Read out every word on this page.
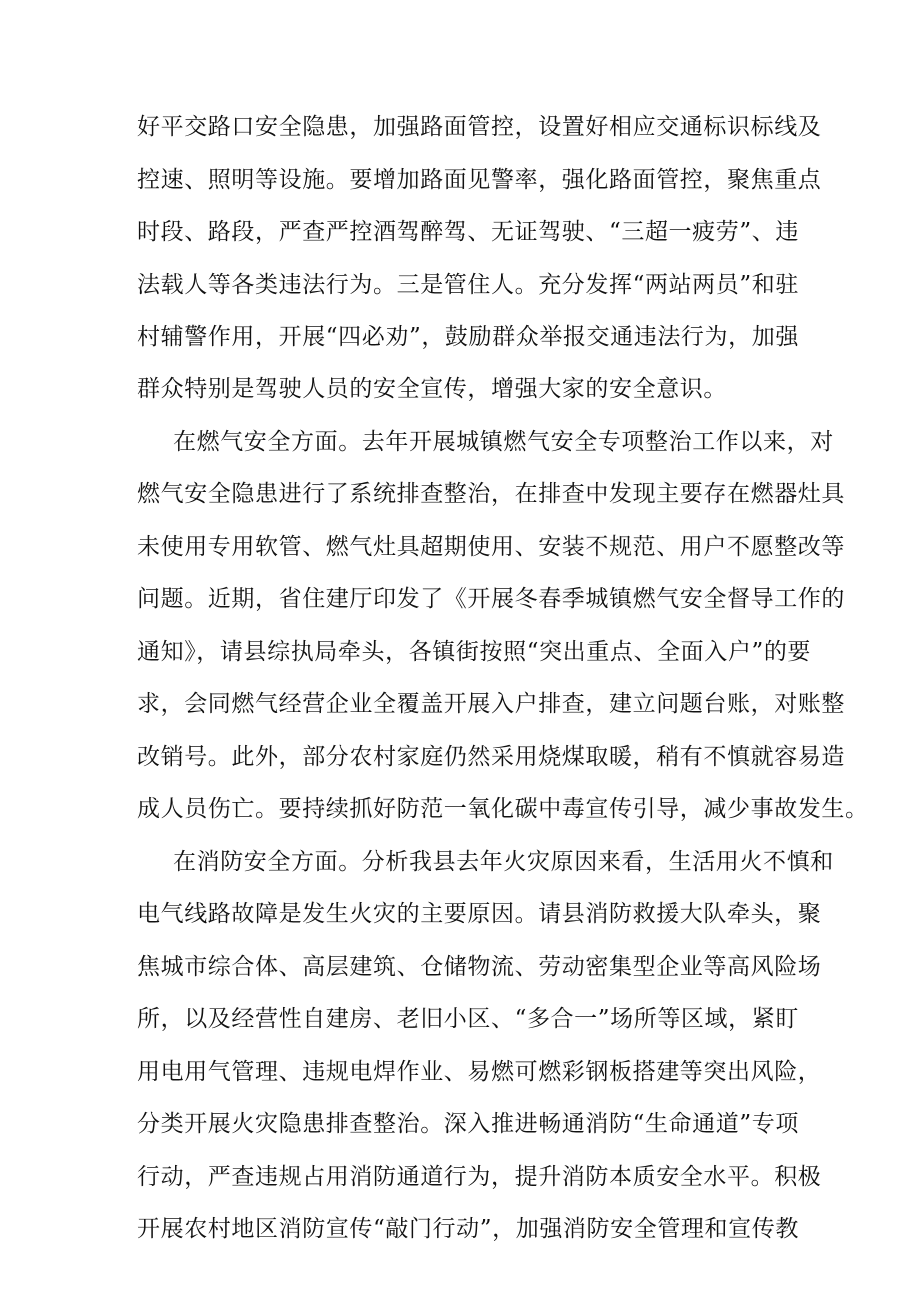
好平交路口安全隐患，加强路面管控，设置好相应交通标识标线及
控速、照明等设施。要增加路面见警率，强化路面管控，聚焦重点
时段、路段，严查严控酒驾醉驾、无证驾驶、“三超一疲劳”、违
法载人等各类违法行为。三是管住人。充分发挥“两站两员”和驻
村辅警作用，开展“四必劝”，鼓励群众举报交通违法行为，加强
群众特别是驾驶人员的安全宣传，增强大家的安全意识。
在燃气安全方面。去年开展城镇燃气安全专项整治工作以来，对
燃气安全隐患进行了系统排查整治，在排查中发现主要存在燃器灶具
未使用专用软管、燃气灶具超期使用、安装不规范、用户不愿整改等
问题。近期，省住建厅印发了《开展冬春季城镇燃气安全督导工作的
通知》，请县综执局牵头，各镇街按照“突出重点、全面入户”的要
求，会同燃气经营企业全覆盖开展入户排查，建立问题台账，对账整
改销号。此外，部分农村家庭仍然采用烧煤取暖，稍有不慎就容易造
成人员伤亡。要持续抓好防范一氧化碳中毒宣传引导，减少事故发生。
在消防安全方面。分析我县去年火灾原因来看，生活用火不慎和
电气线路故障是发生火灾的主要原因。请县消防救援大队牵头，聚
焦城市综合体、高层建筑、仓储物流、劳动密集型企业等高风险场
所，以及经营性自建房、老旧小区、“多合一”场所等区域，紧盯
用电用气管理、违规电焊作业、易燃可燃彩钢板搭建等突出风险，
分类开展火灾隐患排查整治。深入推进畅通消防“生命通道”专项
行动，严查违规占用消防通道行为，提升消防本质安全水平。积极
开展农村地区消防宣传“敲门行动”，加强消防安全管理和宣传教
